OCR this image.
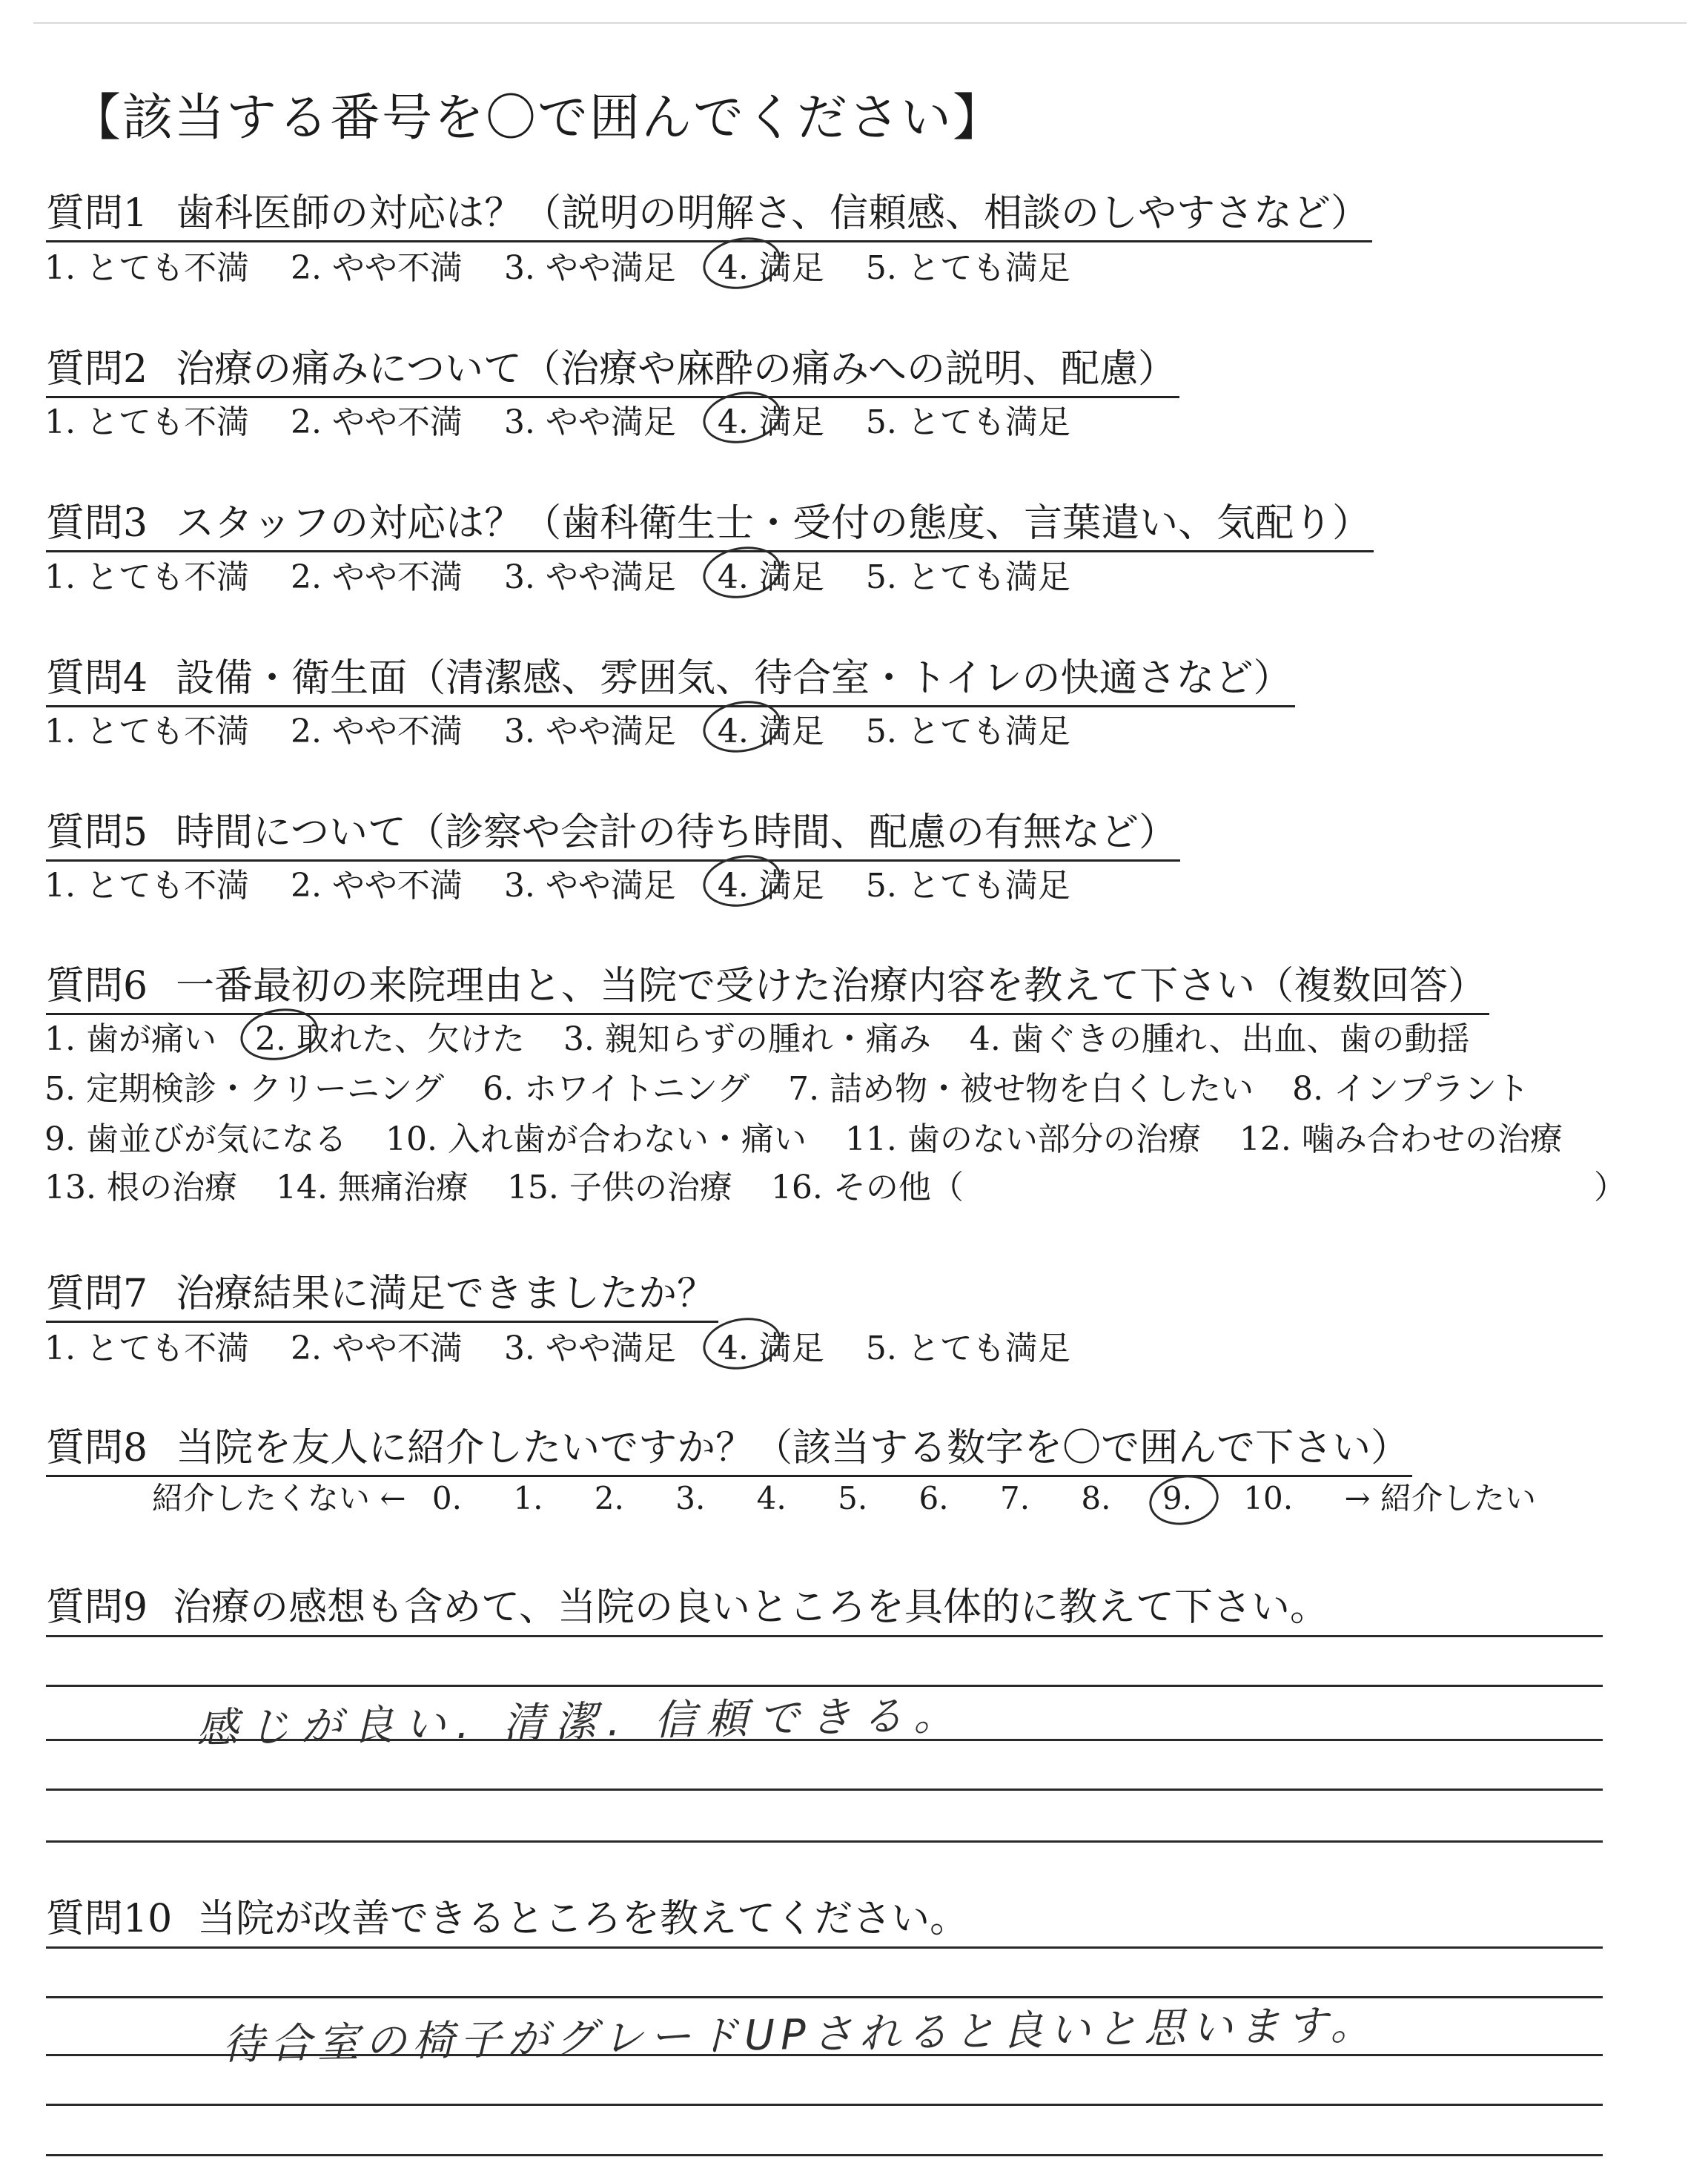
【該当する番号を〇で囲んでください】
質問1 歯科医師の対応は？（説明の明解さ、信頼感、相談のしやすさなど）
1. とても不満 2. やや不満 3. やや満足 4. 満足 5. とても満足
質問2 治療の痛みについて（治療や麻酔の痛みへの説明、配慮）
1. とても不満 2. やや不満 3. やや満足 4. 満足 5. とても満足
質問3 スタッフの対応は？（歯科衛生士・受付の態度、言葉遣い、気配り）
1. とても不満 2. やや不満 3. やや満足 4. 満足 5. とても満足
質問4 設備・衛生面（清潔感、雰囲気、待合室・トイレの快適さなど）
1. とても不満 2. やや不満 3. やや満足 4. 満足 5. とても満足
質問5 時間について（診察や会計の待ち時間、配慮の有無など）
1. とても不満 2. やや不満 3. やや満足 4. 満足 5. とても満足
質問6 一番最初の来院理由と、当院で受けた治療内容を教えて下さい（複数回答）
1. 歯が痛い 2. 取れた、欠けた 3. 親知らずの腫れ・痛み 4. 歯ぐきの腫れ、出血、歯の動揺
5. 定期検診・クリーニング 6. ホワイトニング 7. 詰め物・被せ物を白くしたい 8. インプラント
9. 歯並びが気になる 10. 入れ歯が合わない・痛い 11. 歯のない部分の治療 12. 噛み合わせの治療
13. 根の治療 14. 無痛治療 15. 子供の治療 16. その他（	）
質問7 治療結果に満足できましたか？
1. とても不満 2. やや不満 3. やや満足 4. 満足 5. とても満足
質問8 当院を友人に紹介したいですか？（該当する数字を〇で囲んで下さい）
紹介したくない ← 0. 1. 2. 3. 4. 5. 6. 7. 8. 9. 10. → 紹介したい
質問9 治療の感想も含めて、当院の良いところを具体的に教えて下さい。
感じが良い. 清潔. 信頼できる。
質問10 当院が改善できるところを教えてください。
待合室の椅子がグレードUPされると良いと思います。
